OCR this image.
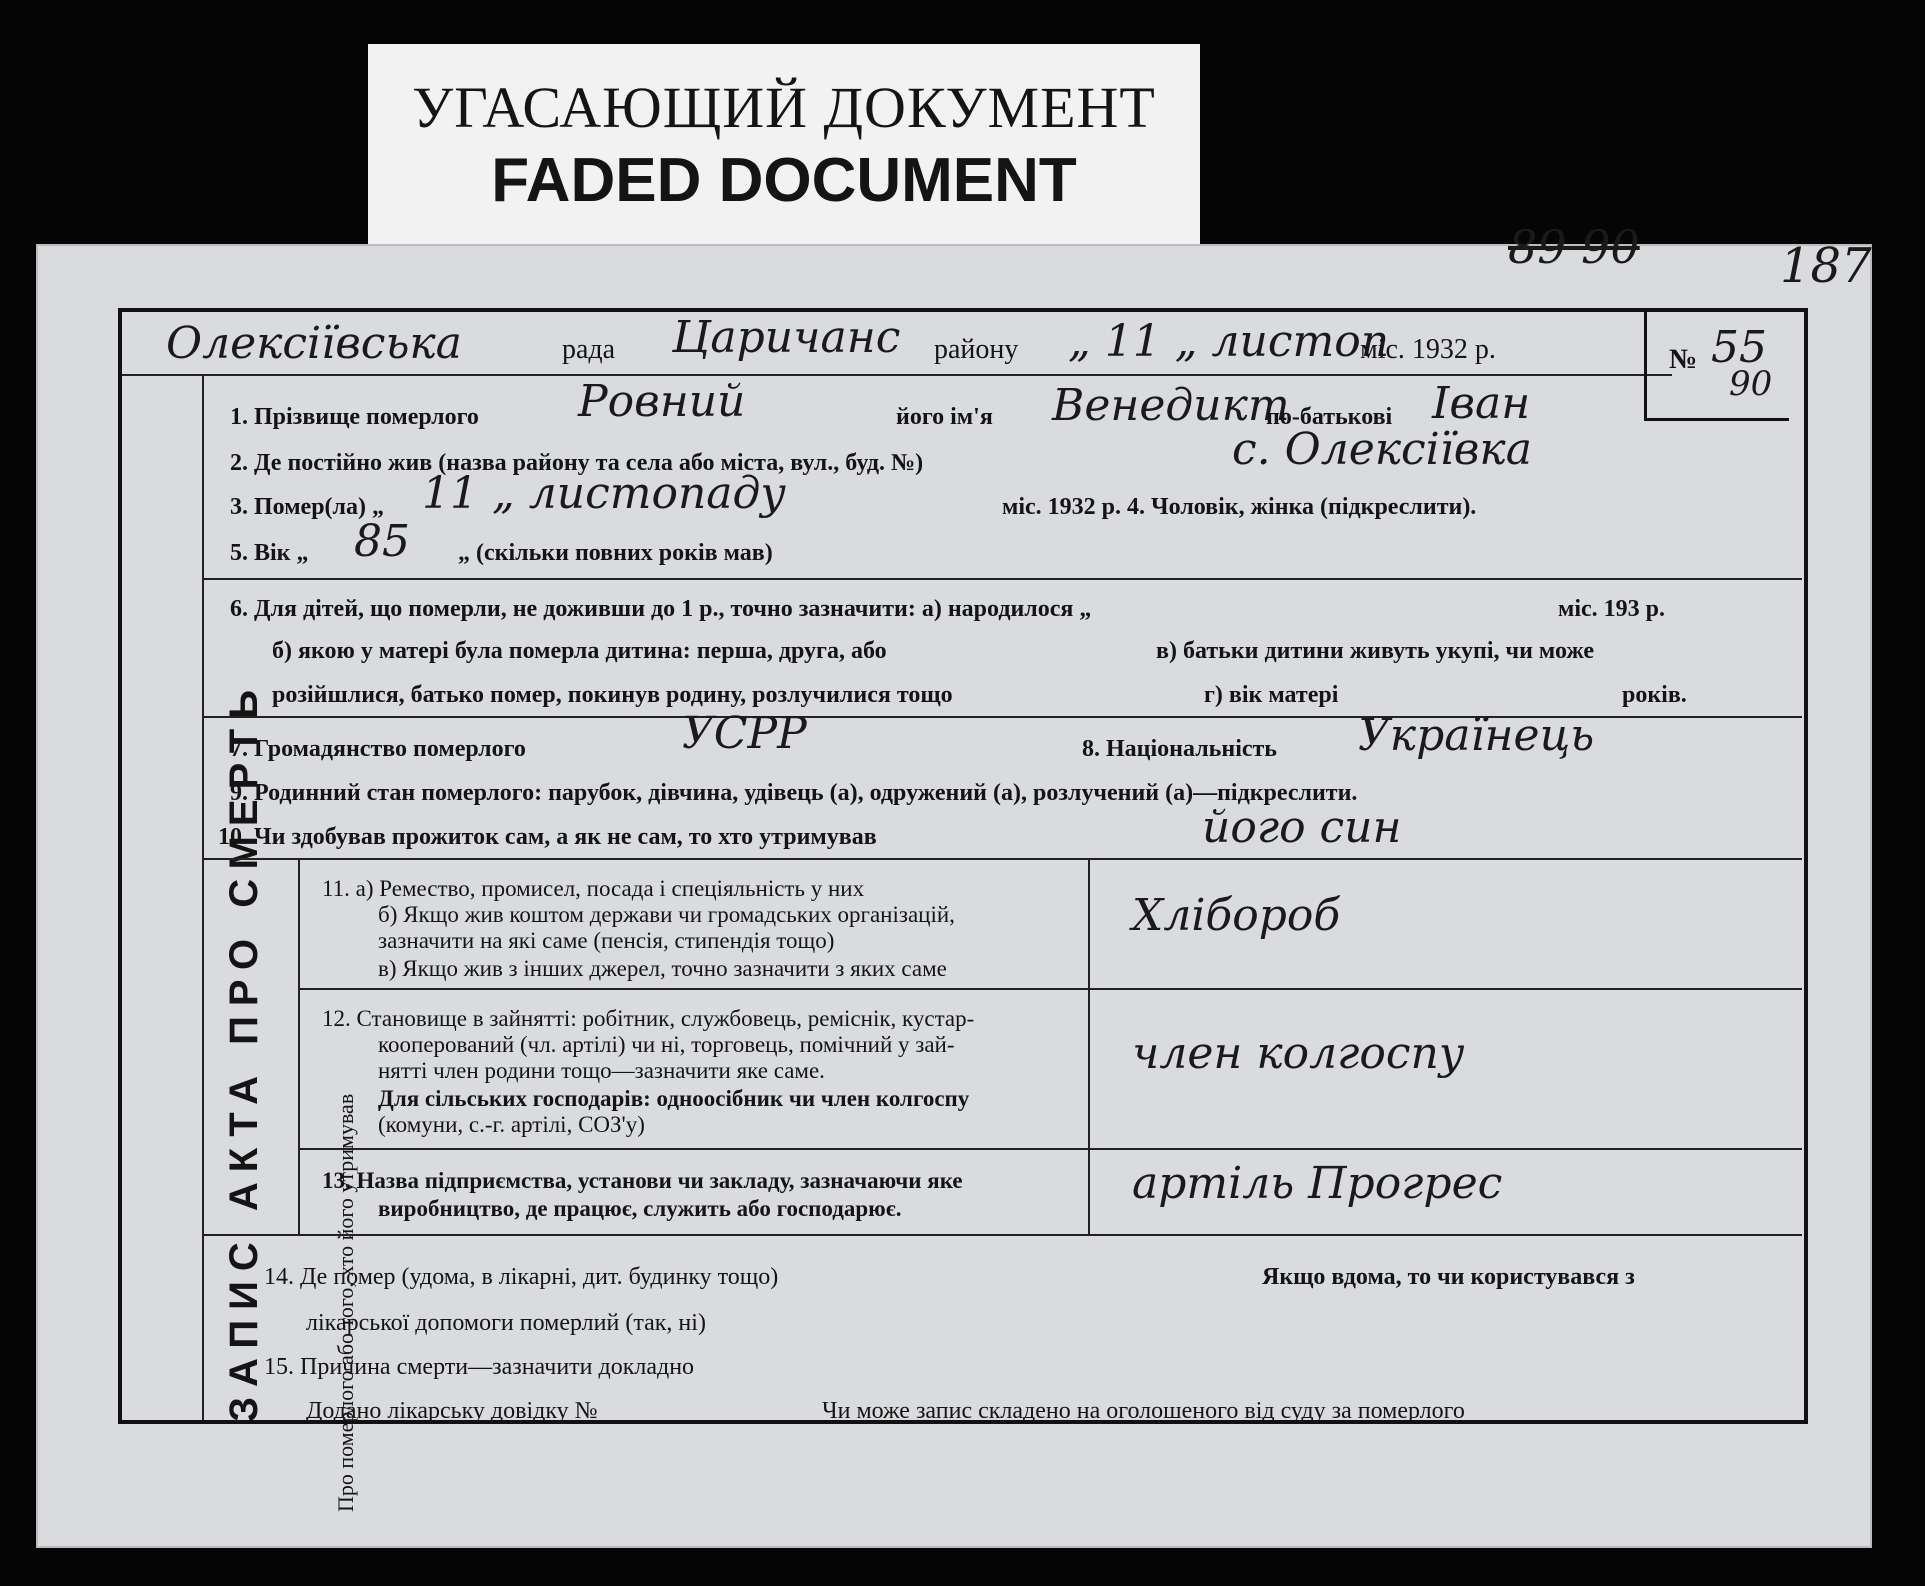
УГАСАЮЩИЙ ДОКУМЕНТ
FADED DOCUMENT
89 90	187
Олексіївська	рада Царичанс району „ 11 „ листоп
міс. 1932 р.	№ 55
90
ЗАПИС АКТА ПРО СМЕРТЬ	Про померлого або того, хто його утримував
1. Прізвище померлого Ровний	його ім'я Венедикт
по-батькові Іван
2. Де постійно жив (назва району та села або міста, вул., буд. №)	с. Олексіївка
3. Помер(ла) „ 11 „ листопаду	міс. 1932 р. 4. Чоловік, жінка (підкреслити).
5. Вік „ 85 „ (скільки повних років мав)
6. Для дітей, що померли, не доживши до 1 р., точно зазначити: а) народилося „	міс. 193 р.
б) якою у матері була померла дитина: перша, друга, або	в) батьки дитини живуть укупі, чи може
розійшлися, батько помер, покинув родину, розлучилися тощо	г) вік матері	років.
7. Громадянство померлого	УСРР	8. Національність Українець
9. Родинний стан померлого: парубок, дівчина, удівець (а), одружений (а), розлучений (а)—підкреслити.
10. Чи здобував прожиток сам, а як не сам, то хто утримував	його син
11. а) Ремество, промисел, посада і спеціяльність у них
б) Якщо жив коштом держави чи громадських організацій,
зазначити на які саме (пенсія, стипендія тощо)
в) Якщо жив з інших джерел, точно зазначити з яких саме
Хлібороб
12. Становище в зайнятті: робітник, службовець, реміснік, кустар-
кооперований (чл. артілі) чи ні, торговець, помічний у зай-
нятті член родини тощо—зазначити яке саме.
Для сільських господарів: одноосібник чи член колгоспу
(комуни, с.-г. артілі, СОЗ'у)
член колгоспу
13. Назва підприємства, установи чи закладу, зазначаючи яке
виробництво, де працює, служить або господарює.	артіль Прогрес
14. Де помер (удома, в лікарні, дит. будинку тощо)	Якщо вдома, то чи користувався з
лікарської допомоги померлий (так, ні)
15. Причина смерти—зазначити докладно
Додано лікарську довідку №	Чи може запис складено на оголошеного від суду за померлого
